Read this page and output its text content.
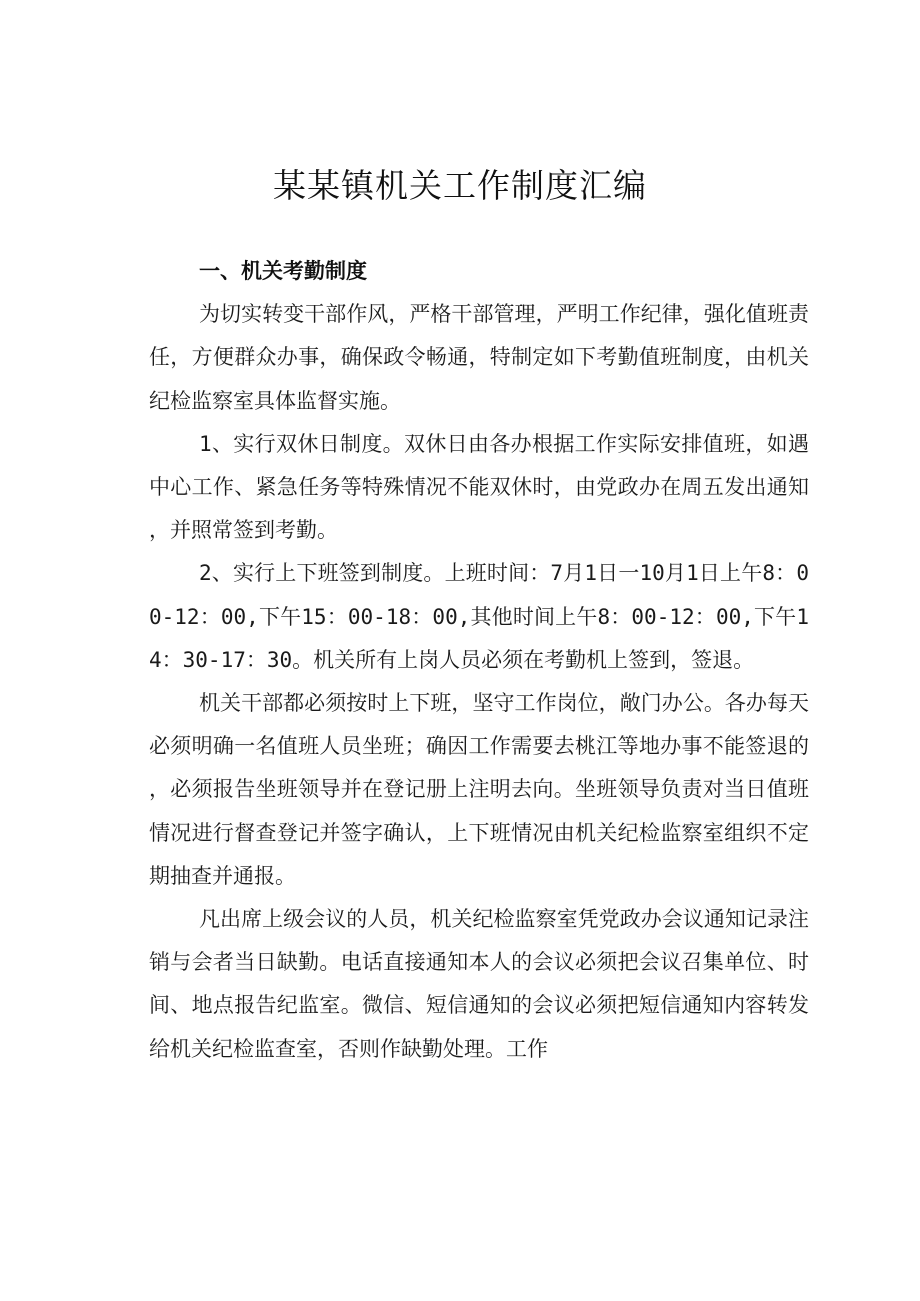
某某镇机关工作制度汇编
一、机关考勤制度

为切实转变干部作风，严格干部管理，严明工作纪律，强化值班责任，方便群众办事，确保政令畅通，特制定如下考勤值班制度，由机关纪检监察室具体监督实施。

1、实行双休日制度。双休日由各办根据工作实际安排值班，如遇中心工作、紧急任务等特殊情况不能双休时，由党政办在周五发出通知，并照常签到考勤。

2、实行上下班签到制度。上班时间：7月1日一10月1日上午8：00-12：00,下午15：00-18：00,其他时间上午8：00-12：00,下午14：30-17：30。机关所有上岗人员必须在考勤机上签到，签退。

机关干部都必须按时上下班，坚守工作岗位，敞门办公。各办每天必须明确一名值班人员坐班；确因工作需要去桃江等地办事不能签退的，必须报告坐班领导并在登记册上注明去向。坐班领导负责对当日值班情况进行督查登记并签字确认，上下班情况由机关纪检监察室组织不定期抽查并通报。

凡出席上级会议的人员，机关纪检监察室凭党政办会议通知记录注销与会者当日缺勤。电话直接通知本人的会议必须把会议召集单位、时间、地点报告纪监室。微信、短信通知的会议必须把短信通知内容转发给机关纪检监查室，否则作缺勤处理。工作
